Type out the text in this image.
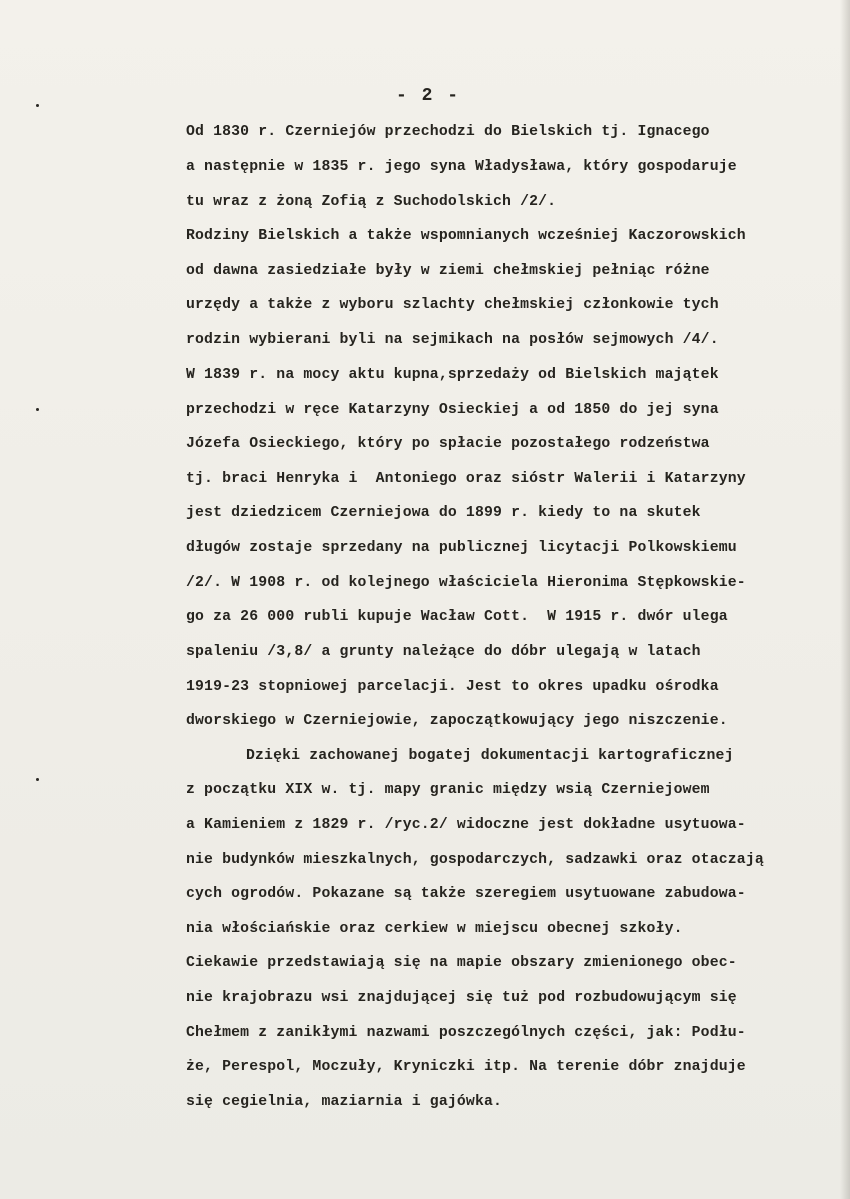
- 2 -
Od 1830 r. Czerniejów przechodzi do Bielskich tj. Ignacego
a następnie w 1835 r. jego syna Władysława, który gospodaruje
tu wraz z żoną Zofią z Suchodolskich /2/.
Rodziny Bielskich a także wspomnianych wcześniej Kaczorowskich
od dawna zasiedziałe były w ziemi chełmskiej pełniąc różne
urzędy a także z wyboru szlachty chełmskiej członkowie tych
rodzin wybierani byli na sejmikach na posłów sejmowych /4/.
W 1839 r. na mocy aktu kupna,sprzedaży od Bielskich majątek
przechodzi w ręce Katarzyny Osieckiej a od 1850 do jej syna
Józefa Osieckiego, który po spłacie pozostałego rodzeństwa
tj. braci Henryka i  Antoniego oraz sióstr Walerii i Katarzyny
jest dziedzicem Czerniejowa do 1899 r. kiedy to na skutek
długów zostaje sprzedany na publicznej licytacji Polkowskiemu
/2/. W 1908 r. od kolejnego właściciela Hieronima Stępkowskie-
go za 26 000 rubli kupuje Wacław Cott.  W 1915 r. dwór ulega
spaleniu /3,8/ a grunty należące do dóbr ulegają w latach
1919-23 stopniowej parcelacji. Jest to okres upadku ośrodka
dworskiego w Czerniejowie, zapoczątkowujący jego niszczenie.
Dzięki zachowanej bogatej dokumentacji kartograficznej
z początku XIX w. tj. mapy granic między wsią Czerniejowem
a Kamieniem z 1829 r. /ryc.2/ widoczne jest dokładne usytuowa-
nie budynków mieszkalnych, gospodarczych, sadzawki oraz otaczają
cych ogrodów. Pokazane są także szeregiem usytuowane zabudowa-
nia włościańskie oraz cerkiew w miejscu obecnej szkoły.
Ciekawie przedstawiają się na mapie obszary zmienionego obec-
nie krajobrazu wsi znajdującej się tuż pod rozbudowującym się
Chełmem z zanikłymi nazwami poszczególnych części, jak: Podłu-
że, Perespol, Moczuły, Kryniczki itp. Na terenie dóbr znajduje
się cegielnia, maziarnia i gajówka.
